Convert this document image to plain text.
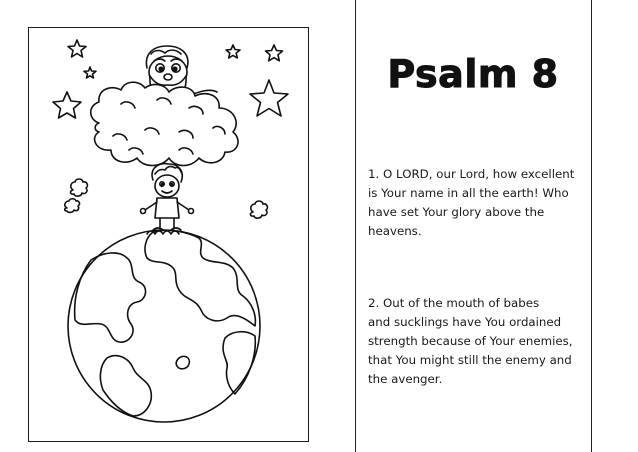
Psalm 8
1. O LORD, our Lord, how excellent
is Your name in all the earth! Who
have set Your glory above the
heavens.
2. Out of the mouth of babes
and sucklings have You ordained
strength because of Your enemies,
that You might still the enemy and
the avenger.
